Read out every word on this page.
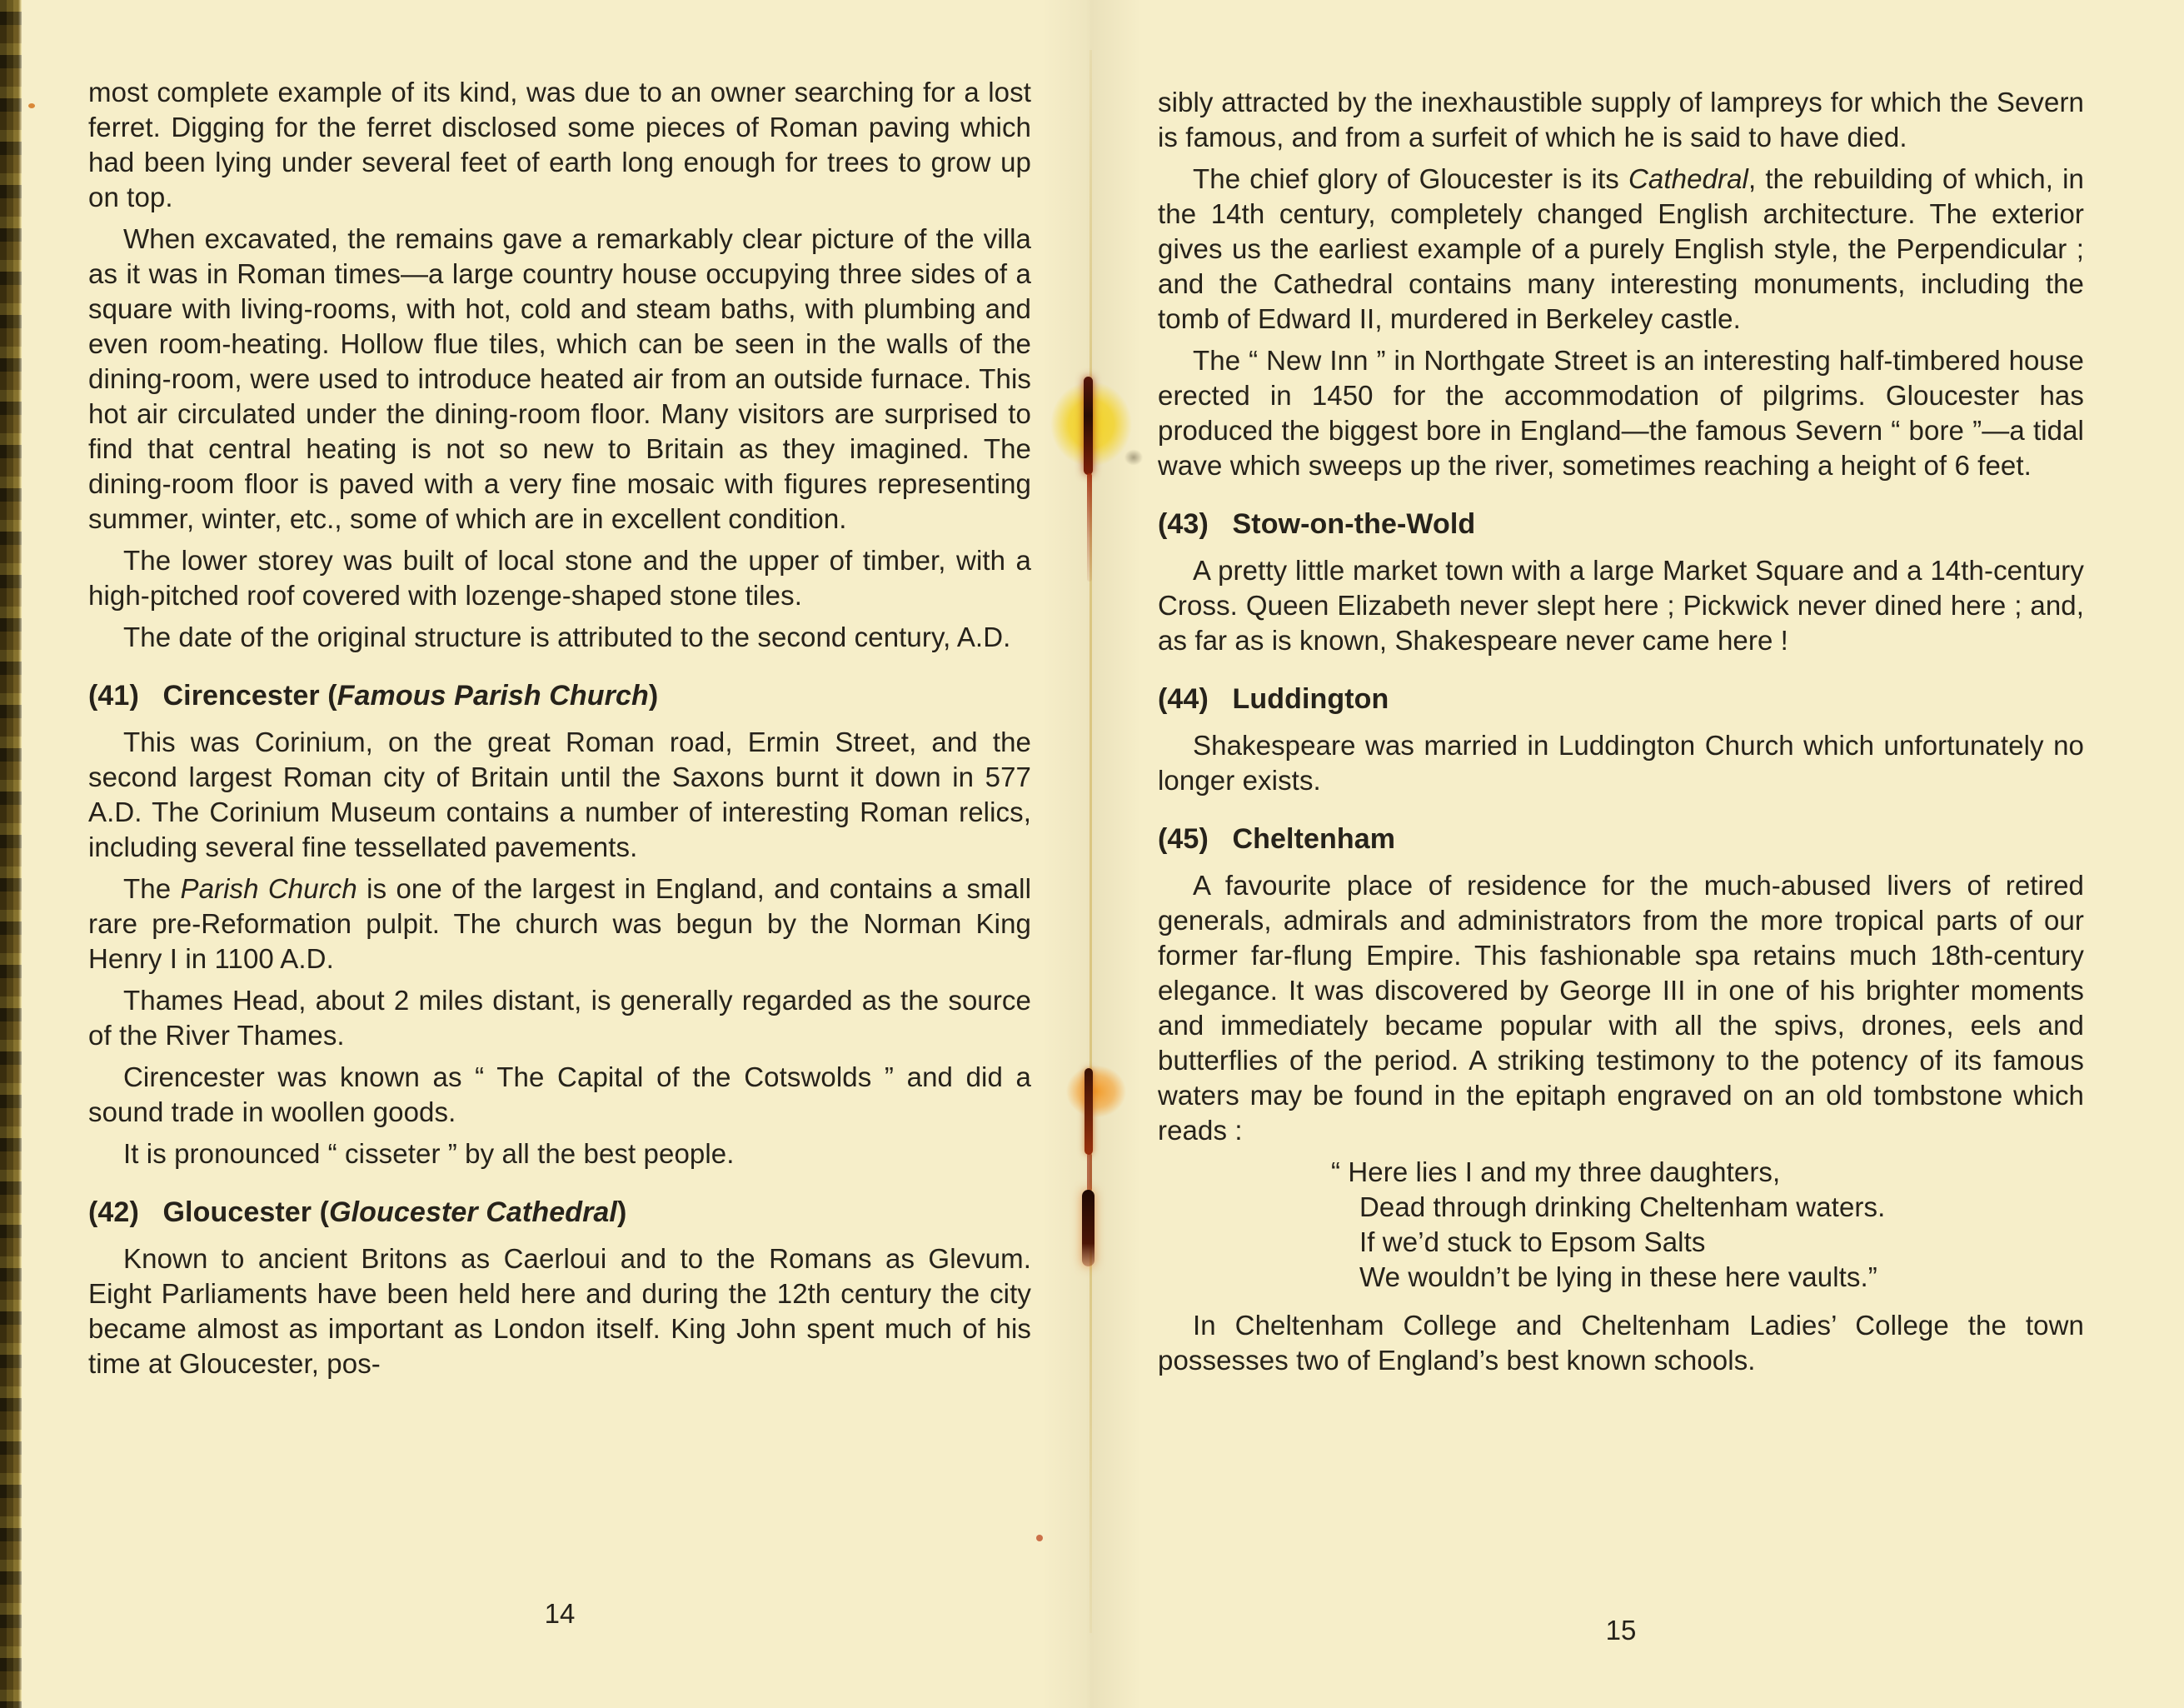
most complete example of its kind, was due to an owner searching for a lost ferret. Digging for the ferret disclosed some pieces of Roman paving which had been lying under several feet of earth long enough for trees to grow up on top.
When excavated, the remains gave a remarkably clear picture of the villa as it was in Roman times—a large country house occupying three sides of a square with living-rooms, with hot, cold and steam baths, with plumbing and even room-heating. Hollow flue tiles, which can be seen in the walls of the dining-room, were used to introduce heated air from an outside furnace. This hot air circulated under the dining-room floor. Many visitors are surprised to find that central heating is not so new to Britain as they imagined. The dining-room floor is paved with a very fine mosaic with figures representing summer, winter, etc., some of which are in excellent condition.
The lower storey was built of local stone and the upper of timber, with a high-pitched roof covered with lozenge-shaped stone tiles.
The date of the original structure is attributed to the second century, A.D.
(41)   Cirencester (Famous Parish Church)
This was Corinium, on the great Roman road, Ermin Street, and the second largest Roman city of Britain until the Saxons burnt it down in 577 A.D. The Corinium Museum contains a number of interesting Roman relics, including several fine tessellated pavements.
The Parish Church is one of the largest in England, and contains a small rare pre-Reformation pulpit. The church was begun by the Norman King Henry I in 1100 A.D.
Thames Head, about 2 miles distant, is generally regarded as the source of the River Thames.
Cirencester was known as “ The Capital of the Cotswolds ” and did a sound trade in woollen goods.
It is pronounced “ cisseter ” by all the best people.
(42)   Gloucester (Gloucester Cathedral)
Known to ancient Britons as Caerloui and to the Romans as Glevum. Eight Parliaments have been held here and during the 12th century the city became almost as important as London itself. King John spent much of his time at Gloucester, pos-
sibly attracted by the inexhaustible supply of lampreys for which the Severn is famous, and from a surfeit of which he is said to have died.
The chief glory of Gloucester is its Cathedral, the rebuilding of which, in the 14th century, completely changed English architecture. The exterior gives us the earliest example of a purely English style, the Perpendicular ; and the Cathedral contains many interesting monuments, including the tomb of Edward II, murdered in Berkeley castle.
The “ New Inn ” in Northgate Street is an interesting half-timbered house erected in 1450 for the accommodation of pilgrims. Gloucester has produced the biggest bore in England—the famous Severn “ bore ”—a tidal wave which sweeps up the river, sometimes reaching a height of 6 feet.
(43)   Stow-on-the-Wold
A pretty little market town with a large Market Square and a 14th-century Cross. Queen Elizabeth never slept here ; Pickwick never dined here ; and, as far as is known, Shakespeare never came here !
(44)   Luddington
Shakespeare was married in Luddington Church which unfortunately no longer exists.
(45)   Cheltenham
A favourite place of residence for the much-abused livers of retired generals, admirals and administrators from the more tropical parts of our former far-flung Empire. This fashionable spa retains much 18th-century elegance. It was discovered by George III in one of his brighter moments and immediately became popular with all the spivs, drones, eels and butterflies of the period. A striking testimony to the potency of its famous waters may be found in the epitaph engraved on an old tombstone which reads :
“ Here lies I and my three daughters,
Dead through drinking Cheltenham waters.
If we’d stuck to Epsom Salts
We wouldn’t be lying in these here vaults.”
In Cheltenham College and Cheltenham Ladies’ College the town possesses two of England’s best known schools.
14
15
